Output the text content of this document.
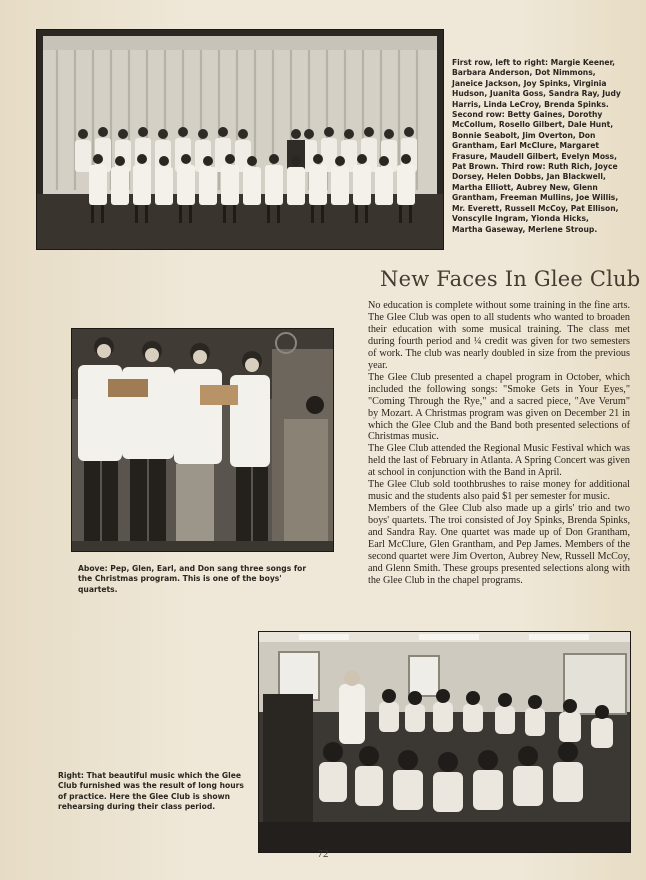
First row, left to right: Margie Keener, Barbara Anderson, Dot Nimmons, Janeice Jackson, Joy Spinks, Virginia Hudson, Juanita Goss, Sandra Ray, Judy Harris, Linda LeCroy, Brenda Spinks. Second row: Betty Gaines, Dorothy McCollum, Rosello Gilbert, Dale Hunt, Bonnie Seabolt, Jim Overton, Don Grantham, Earl McClure, Margaret Frasure, Maudell Gilbert, Evelyn Moss, Pat Brown. Third row: Ruth Rich, Joyce Dorsey, Helen Dobbs, Jan Blackwell, Martha Elliott, Aubrey New, Glenn Grantham, Freeman Mullins, Joe Willis, Mr. Everett, Russell McCoy, Pat Ellison, Vonscylle Ingram, Yionda Hicks, Martha Gaseway, Merlene Stroup.

New Faces In Glee Club

Above: Pep, Glen, Earl, and Don sang three songs for the Christmas program. This is one of the boys' quartets.

No education is complete without some training in the fine arts. The Glee Club was open to all students who wanted to broaden their education with some musical training. The class met during fourth period and ¼ credit was given for two semesters of work. The club was nearly doubled in size from the previous year.

The Glee Club presented a chapel program in October, which included the following songs: "Smoke Gets in Your Eyes," "Coming Through the Rye," and a sacred piece, "Ave Verum" by Mozart. A Christmas program was given on December 21 in which the Glee Club and the Band both presented selections of Christmas music.

The Glee Club attended the Regional Music Festival which was held the last of February in Atlanta. A Spring Concert was given at school in conjunction with the Band in April.

The Glee Club sold toothbrushes to raise money for additional music and the students also paid $1 per semester for music.

Members of the Glee Club also made up a girls' trio and two boys' quartets. The troi consisted of Joy Spinks, Brenda Spinks, and Sandra Ray. One quartet was made up of Don Grantham, Earl McClure, Glen Grantham, and Pep James. Members of the second quartet were Jim Overton, Aubrey New, Russell McCoy, and Glenn Smith. These groups presented selections along with the Glee Club in the chapel programs.

Right: That beautiful music which the Glee Club furnished was the result of long hours of practice. Here the Glee Club is shown rehearsing during their class period.

72
